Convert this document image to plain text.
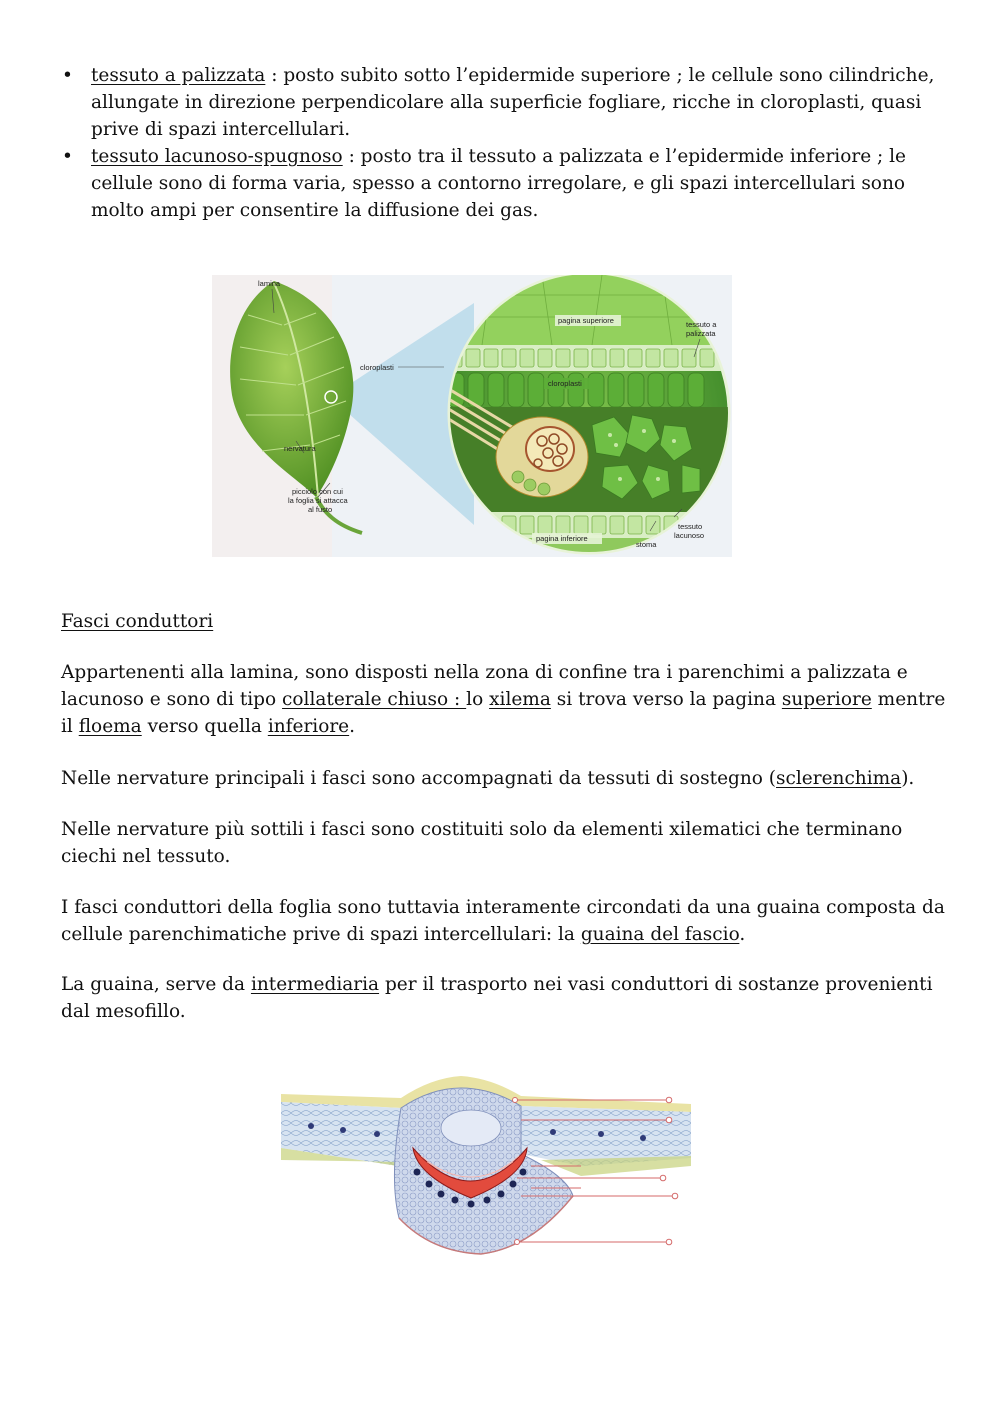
• tessuto a palizzata : posto subito sotto l’epidermide superiore ; le cellule sono cilindriche, allungate in direzione perpendicolare alla superficie fogliare, ricche in cloroplasti, quasi prive di spazi intercellulari.
• tessuto lacunoso-spugnoso : posto tra il tessuto a palizzata e l’epidermide inferiore ; le cellule sono di forma varia, spesso a contorno irregolare, e gli spazi intercellulari sono molto ampi per consentire la diffusione dei gas.
lamina
nervatura
picciolo con cui
la foglia si attacca
al fusto
pagina superiore	tessuto a
palizzata
cloroplasti
cloroplasti
pagina inferiore
stoma
tessuto
lacunoso

Fasci conduttori

Appartenenti alla lamina, sono disposti nella zona di confine tra i parenchimi a palizzata e lacunoso e sono di tipo collaterale chiuso : lo xilema si trova verso la pagina superiore mentre il floema verso quella inferiore.

Nelle nervature principali i fasci sono accompagnati da tessuti di sostegno (sclerenchima).

Nelle nervature più sottili i fasci sono costituiti solo da elementi xilematici che terminano ciechi nel tessuto.

I fasci conduttori della foglia sono tuttavia interamente circondati da una guaina composta da cellule parenchimatiche prive di spazi intercellulari: la guaina del fascio.

La guaina, serve da intermediaria per il trasporto nei vasi conduttori di sostanze provenienti dal mesofillo.
